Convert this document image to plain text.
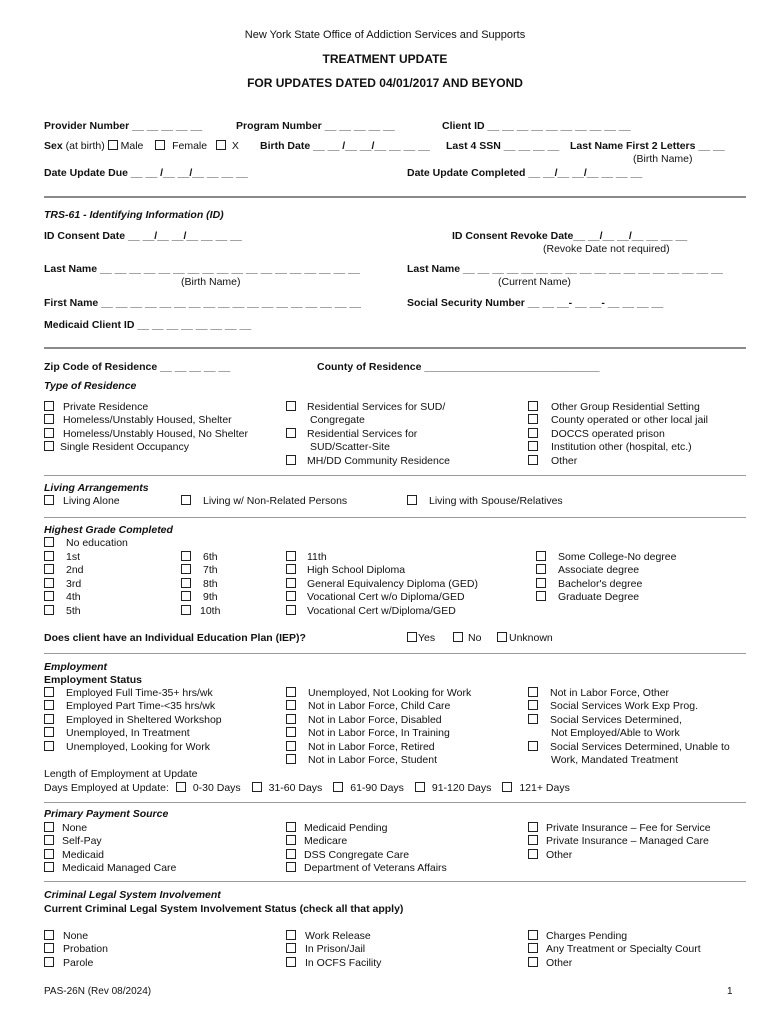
New York State Office of Addiction Services and Supports
TREATMENT UPDATE
FOR UPDATES DATED 04/01/2017 AND BEYOND
Provider Number __ __ __ __ __	Program Number __ __ __ __ __	Client ID __ __ __ __ __ __ __ __ __ __
Sex (at birth) Male	Female X Birth Date __ __ /__ __/__ __ __ __ Last 4 SSN __ __ __ __ Last Name First 2 Letters __ __
(Birth Name)
Date Update Due __ __ /__ __/__ __ __ __	Date Update Completed __ __/__ __/__ __ __ __
TRS-61 - Identifying Information (ID)
ID Consent Date __ __/__ __/__ __ __ __	ID Consent Revoke Date__ __/__ __/__ __ __ __
(Revoke Date not required)
Last Name __ __ __ __ __ __ __ __ __ __ __ __ __ __ __ __ __ __
(Birth Name)
Last Name __ __ __ __ __ __ __ __ __ __ __ __ __ __ __ __ __ __
(Current Name)
First Name __ __ __ __ __ __ __ __ __ __ __ __ __ __ __ __ __ __	Social Security Number __ __ __- __ __- __ __ __ __
Medicaid Client ID __ __ __ __ __ __ __ __
Zip Code of Residence __ __ __ __ __	County of Residence ______________________________
Type of Residence
Private Residence
Homeless/Unstably Housed, Shelter
Homeless/Unstably Housed, No Shelter
Single Resident Occupancy
Residential Services for SUD/
Congregate
Residential Services for
SUD/Scatter-Site
MH/DD Community Residence
Other Group Residential Setting
County operated or other local jail
DOCCS operated prison
Institution other (hospital, etc.)
Other
Living Arrangements
Living Alone	Living w/ Non-Related Persons	Living with Spouse/Relatives
Highest Grade Completed
No education
1st
2nd
3rd
4th
5th
6th
7th
8th
9th
10th
11th
High School Diploma
General Equivalency Diploma (GED)
Vocational Cert w/o Diploma/GED
Vocational Cert w/Diploma/GED
Some College-No degree
Associate degree
Bachelor's degree
Graduate Degree
Does client have an Individual Education Plan (IEP)?	Yes	No	Unknown
Employment
Employment Status
Employed Full Time-35+ hrs/wk
Employed Part Time-<35 hrs/wk
Employed in Sheltered Workshop
Unemployed, In Treatment
Unemployed, Looking for Work
Unemployed, Not Looking for Work
Not in Labor Force, Child Care
Not in Labor Force, Disabled
Not in Labor Force, In Training
Not in Labor Force, Retired
Not in Labor Force, Student
Not in Labor Force, Other
Social Services Work Exp Prog.
Social Services Determined,
Not Employed/Able to Work
Social Services Determined, Unable to
Work, Mandated Treatment
Length of Employment at Update
Days Employed at Update: 0-30 Days	31-60 Days	61-90 Days	91-120 Days	121+ Days
Primary Payment Source
None
Self-Pay
Medicaid
Medicaid Managed Care
Medicaid Pending
Medicare
DSS Congregate Care
Department of Veterans Affairs
Private Insurance – Fee for Service
Private Insurance – Managed Care
Other
Criminal Legal System Involvement
Current Criminal Legal System Involvement Status (check all that apply)
None
Probation
Parole
Work Release
In Prison/Jail
In OCFS Facility
Charges Pending
Any Treatment or Specialty Court
Other
PAS-26N (Rev 08/2024)	1
